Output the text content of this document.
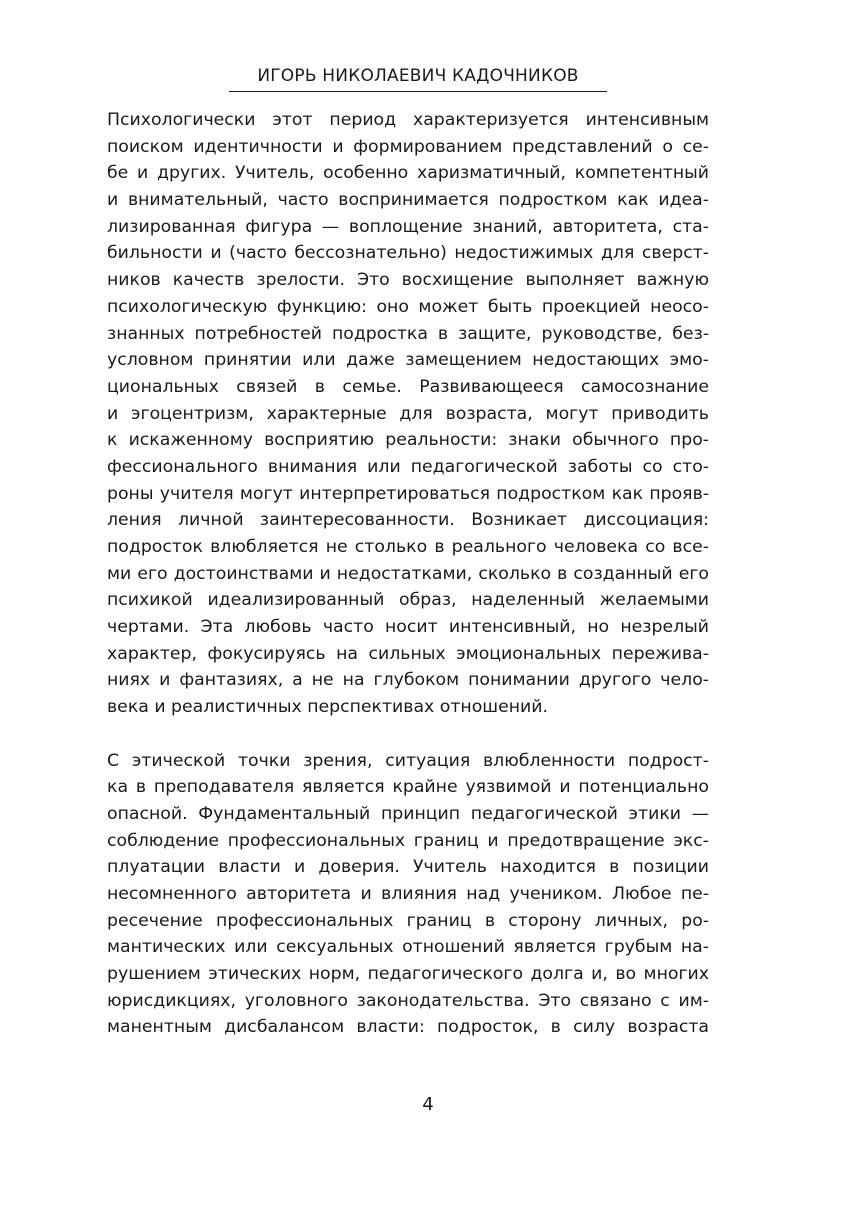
ИГОРЬ НИКОЛАЕВИЧ КАДОЧНИКОВ
Психологически этот период характеризуется интенсивным
поиском идентичности и формированием представлений о се-
бе и других. Учитель, особенно харизматичный, компетентный
и внимательный, часто воспринимается подростком как идеа-
лизированная фигура — воплощение знаний, авторитета, ста-
бильности и (часто бессознательно) недостижимых для сверст-
ников качеств зрелости. Это восхищение выполняет важную
психологическую функцию: оно может быть проекцией неосо-
знанных потребностей подростка в защите, руководстве, без-
условном принятии или даже замещением недостающих эмо-
циональных связей в семье. Развивающееся самосознание
и эгоцентризм, характерные для возраста, могут приводить
к искаженному восприятию реальности: знаки обычного про-
фессионального внимания или педагогической заботы со сто-
роны учителя могут интерпретироваться подростком как прояв-
ления личной заинтересованности. Возникает диссоциация:
подросток влюбляется не столько в реального человека со все-
ми его достоинствами и недостатками, сколько в созданный его
психикой идеализированный образ, наделенный желаемыми
чертами. Эта любовь часто носит интенсивный, но незрелый
характер, фокусируясь на сильных эмоциональных пережива-
ниях и фантазиях, а не на глубоком понимании другого чело-
века и реалистичных перспективах отношений.
С этической точки зрения, ситуация влюбленности подрост-
ка в преподавателя является крайне уязвимой и потенциально
опасной. Фундаментальный принцип педагогической этики —
соблюдение профессиональных границ и предотвращение экс-
плуатации власти и доверия. Учитель находится в позиции
несомненного авторитета и влияния над учеником. Любое пе-
ресечение профессиональных границ в сторону личных, ро-
мантических или сексуальных отношений является грубым на-
рушением этических норм, педагогического долга и, во многих
юрисдикциях, уголовного законодательства. Это связано с им-
манентным дисбалансом власти: подросток, в силу возраста
4
